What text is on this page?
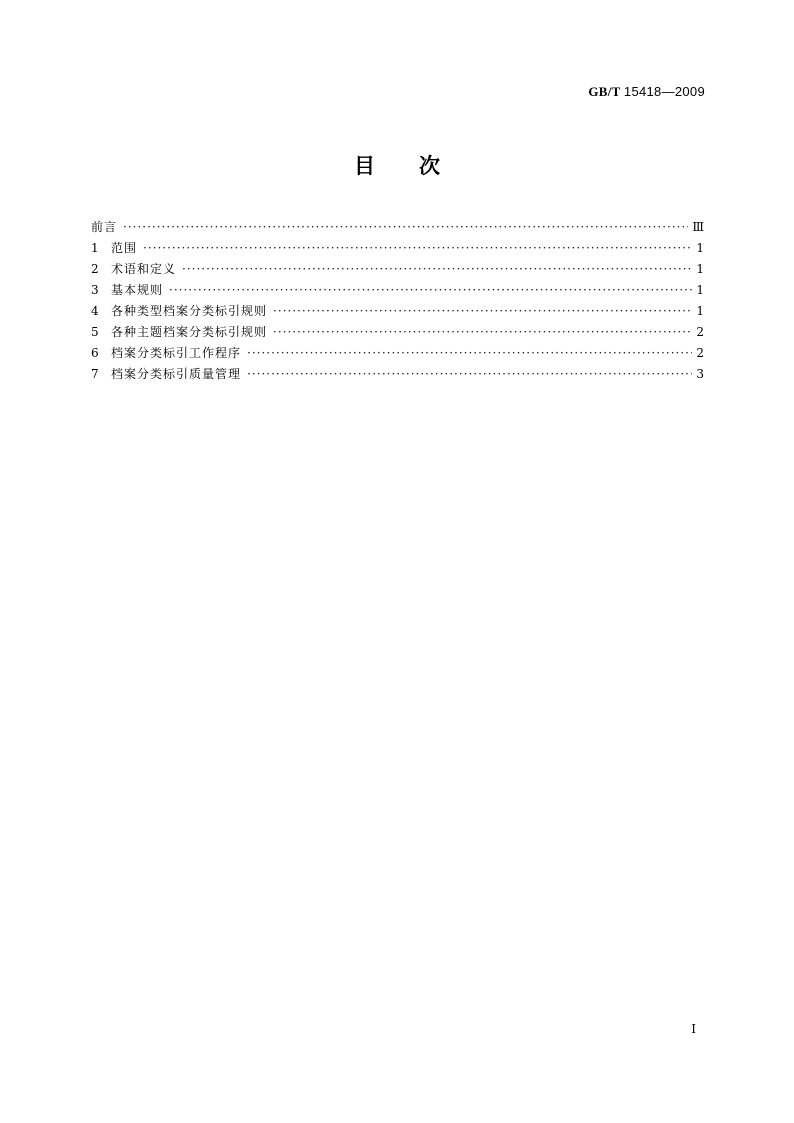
GB/T 15418—2009
目 次
前言 ·····	Ⅲ
1	范围 ·····	1
2	术语和定义 ·····	1
3	基本规则 ·····	1
4	各种类型档案分类标引规则 ·····	1
5	各种主题档案分类标引规则 ·····	2
6	档案分类标引工作程序 ·····	2
7	档案分类标引质量管理 ·····	3
I
